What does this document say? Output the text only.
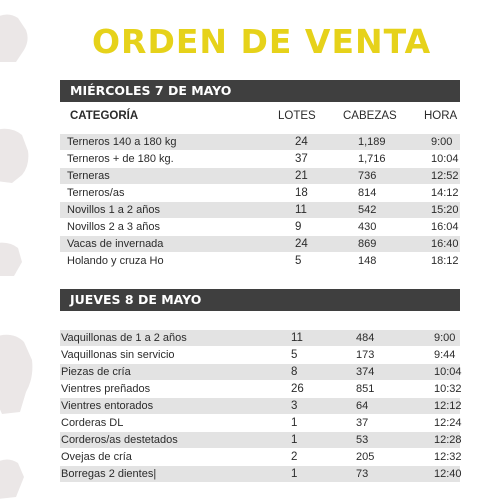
ORDEN DE VENTA
MIÉRCOLES 7 DE MAYO
CATEGORÍA	LOTES CABEZAS HORA
Terneros 140 a 180 kg	24	1,189	9:00
Terneros + de 180 kg.	37	1,716	10:04
Terneras	21	736	12:52
Terneros/as	18	814	14:12
Novillos 1 a 2 años	11	542	15:20
Novillos 2 a 3 años	9	430	16:04
Vacas de invernada	24	869	16:40
Holando y cruza Ho	5	148	18:12
JUEVES 8 DE MAYO
Vaquillonas de 1 a 2 años	11	484	9:00
Vaquillonas sin servicio	5	173	9:44
Piezas de cría	8	374	10:04
Vientres preñados	26	851	10:32
Vientres entorados	3	64	12:12
Corderas DL	1	37	12:24
Corderos/as destetados	1	53	12:28
Ovejas de cría	2	205	12:32
Borregas 2 dientes|	1	73	12:40
